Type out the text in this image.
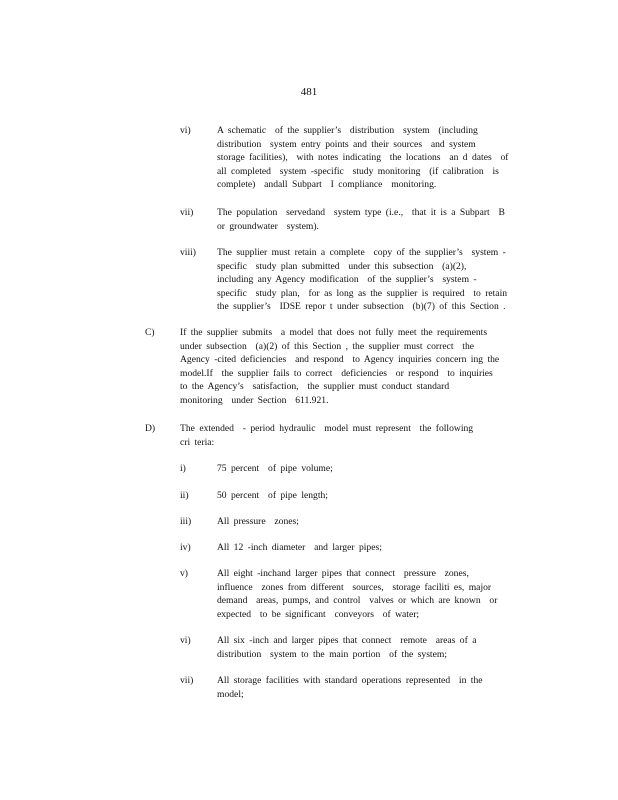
481
vi)	A schematic  of the supplier’s  distribution  system  (including
distribution  system entry points and their sources  and system
storage facilities),  with notes indicating  the locations  an d dates  of
all completed  system -specific  study monitoring  (if calibration  is
complete)  andall Subpart  I compliance  monitoring.
vii) The population  servedand  system type (i.e.,  that it is a Subpart  B
or groundwater  system).
viii) The supplier must retain a complete  copy of the supplier’s  system -
specific  study plan submitted  under this subsection  (a)(2),
including any Agency modification  of the supplier’s  system -
specific  study plan,  for as long as the supplier is required  to retain
the supplier’s  IDSE repor t under subsection  (b)(7) of this Section .
C)	If the supplier submits  a model that does not fully meet the requirements
under subsection  (a)(2) of this Section , the supplier must correct  the
Agency -cited deficiencies  and respond  to Agency inquiries concern ing the
model.If  the supplier fails to correct  deficiencies  or respond  to inquiries
to the Agency’s  satisfaction,  the supplier must conduct standard
monitoring  under Section  611.921.
D)	The extended  - period hydraulic  model must represent  the following
cri teria:
i)	75 percent  of pipe volume;
ii)	50 percent  of pipe length;
iii)	All pressure  zones;
iv)	All 12 -inch diameter  and larger pipes;
v)	All eight -inchand larger pipes that connect  pressure  zones,
influence  zones from different  sources,  storage faciliti es, major
demand  areas, pumps, and control  valves or which are known  or
expected  to be significant  conveyors  of water;
vi)	All six -inch and larger pipes that connect  remote  areas of a
distribution  system to the main portion  of the system;
vii) All storage facilities with standard operations represented  in the
model;
